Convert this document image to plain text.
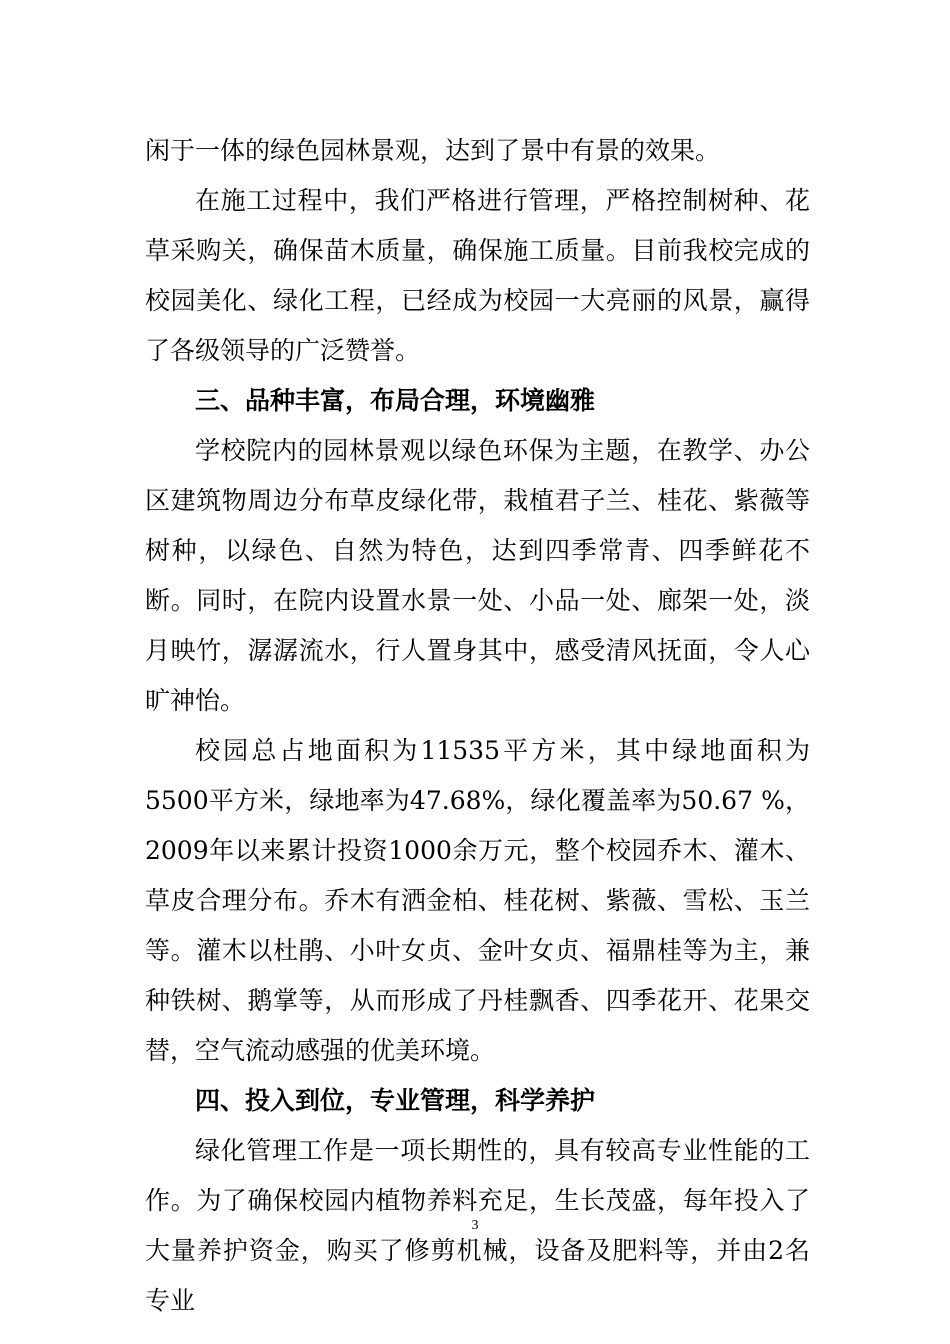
闲于一体的绿色园林景观，达到了景中有景的效果。

在施工过程中，我们严格进行管理，严格控制树种、花草采购关，确保苗木质量，确保施工质量。目前我校完成的校园美化、绿化工程，已经成为校园一大亮丽的风景，赢得了各级领导的广泛赞誉。

三、品种丰富，布局合理，环境幽雅

学校院内的园林景观以绿色环保为主题，在教学、办公区建筑物周边分布草皮绿化带，栽植君子兰、桂花、紫薇等树种，以绿色、自然为特色，达到四季常青、四季鲜花不断。同时，在院内设置水景一处、小品一处、廊架一处，淡月映竹，潺潺流水，行人置身其中，感受清风抚面，令人心旷神怡。

校园总占地面积为11535平方米，其中绿地面积为5500平方米，绿地率为47.68%，绿化覆盖率为50.67 %，2009年以来累计投资1000余万元，整个校园乔木、灌木、草皮合理分布。乔木有洒金柏、桂花树、紫薇、雪松、玉兰等。灌木以杜鹃、小叶女贞、金叶女贞、福鼎桂等为主，兼种铁树、鹅掌等，从而形成了丹桂飘香、四季花开、花果交替，空气流动感强的优美环境。

四、投入到位，专业管理，科学养护

绿化管理工作是一项长期性的，具有较高专业性能的工作。为了确保校园内植物养料充足，生长茂盛，每年投入了大量养护资金，购买了修剪机械，设备及肥料等，并由2名专业

3
